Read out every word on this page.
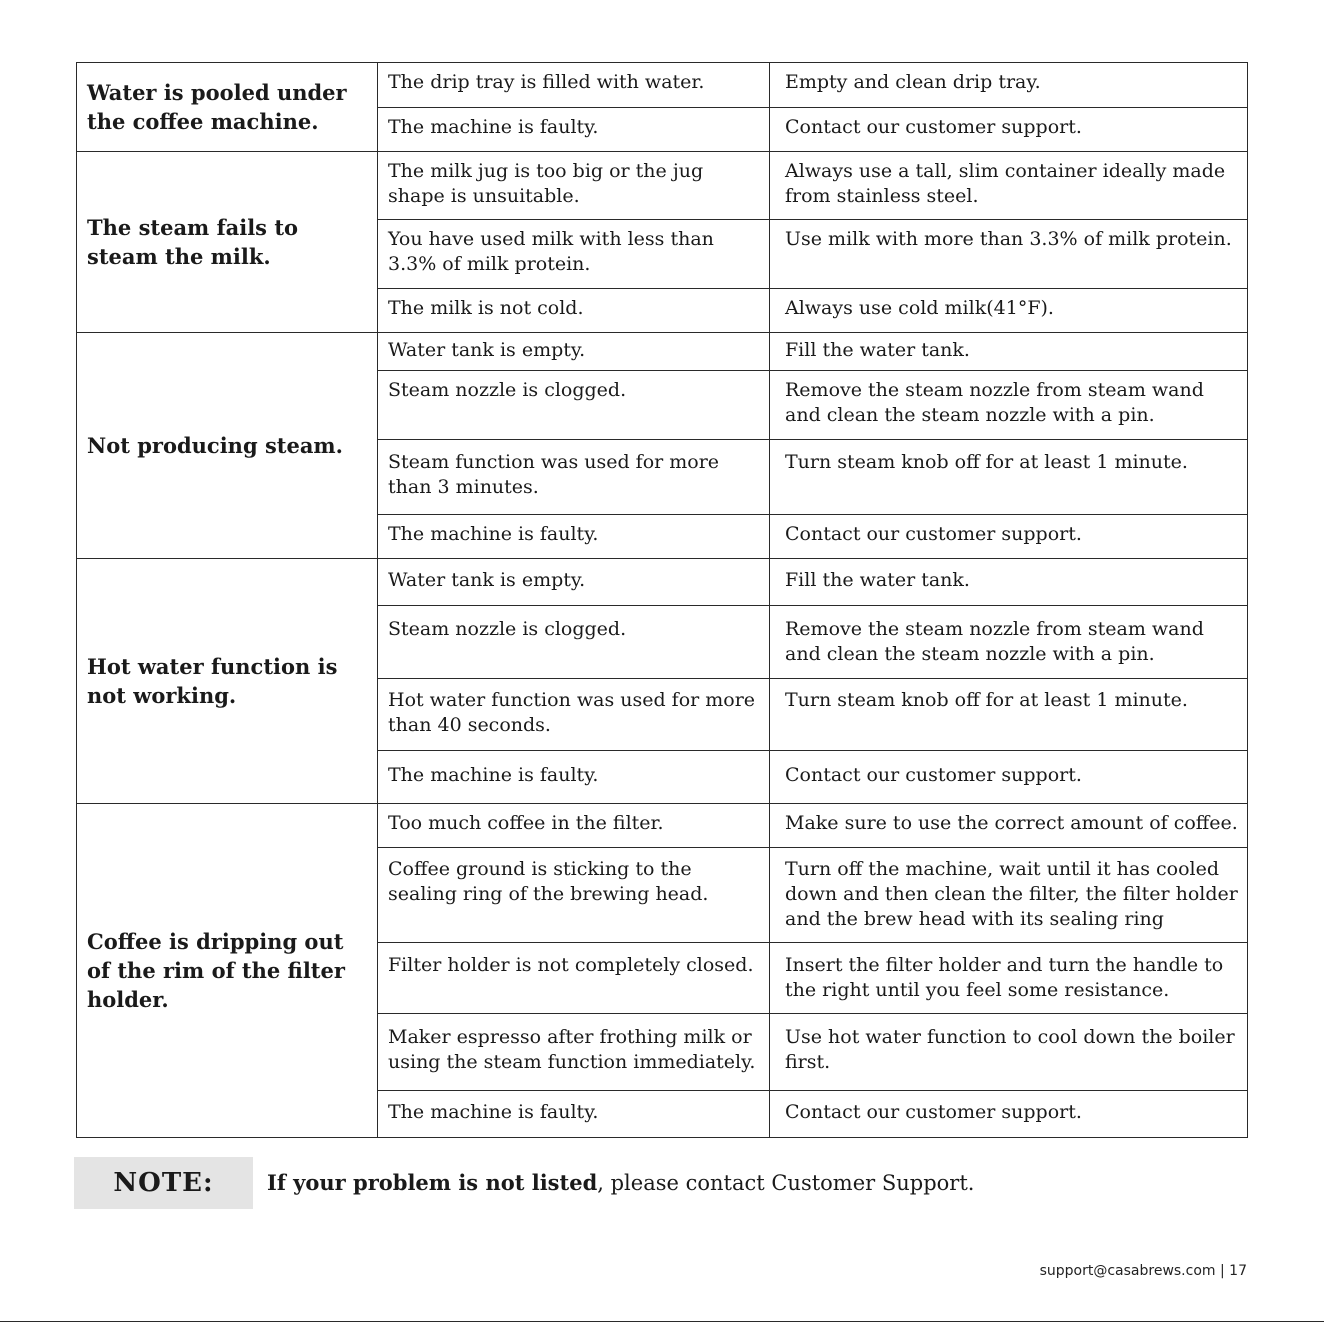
Water is pooled under the coffee machine.	The drip tray is filled with water.	Empty and clean drip tray.
	The machine is faulty.	Contact our customer support.
The steam fails to steam the milk.	The milk jug is too big or the jug shape is unsuitable.	Always use a tall, slim container ideally made from stainless steel.
	You have used milk with less than 3.3% of milk protein.	Use milk with more than 3.3% of milk protein.
	The milk is not cold.	Always use cold milk(41°F).
Not producing steam.	Water tank is empty.	Fill the water tank.
	Steam nozzle is clogged.	Remove the steam nozzle from steam wand and clean the steam nozzle with a pin.
	Steam function was used for more than 3 minutes.	Turn steam knob off for at least 1 minute.
	The machine is faulty.	Contact our customer support.
Hot water function is not working.	Water tank is empty.	Fill the water tank.
	Steam nozzle is clogged.	Remove the steam nozzle from steam wand and clean the steam nozzle with a pin.
	Hot water function was used for more than 40 seconds.	Turn steam knob off for at least 1 minute.
	The machine is faulty.	Contact our customer support.
Coffee is dripping out of the rim of the filter holder.	Too much coffee in the filter.	Make sure to use the correct amount of coffee.
	Coffee ground is sticking to the sealing ring of the brewing head.	Turn off the machine, wait until it has cooled down and then clean the filter, the filter holder and the brew head with its sealing ring
	Filter holder is not completely closed.	Insert the filter holder and turn the handle to the right until you feel some resistance.
	Maker espresso after frothing milk or using the steam function immediately.	Use hot water function to cool down the boiler first.
	The machine is faulty.	Contact our customer support.
NOTE:	If your problem is not listed, please contact Customer Support.
support@casabrews.com | 17
